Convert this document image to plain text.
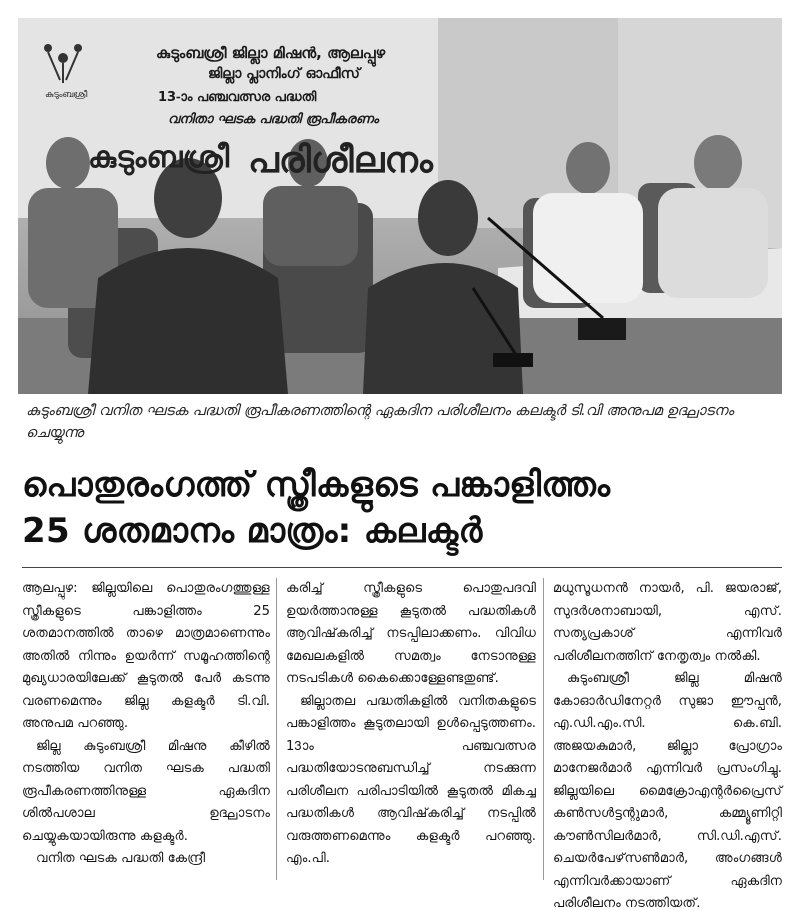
കുടുംബശ്രീ
കുടുംബശ്രീ ജില്ലാ മിഷൻ, ആലപ്പുഴ
ജില്ലാ പ്ലാനിംഗ് ഓഫീസ്
13-ാം പഞ്ചവത്സര പദ്ധതി
വനിതാ ഘടക പദ്ധതി രൂപീകരണം
കുടുംബശ്രീ പരിശീലനം
കുടുംബശ്രീ വനിത ഘടക പദ്ധതി രൂപീകരണത്തിന്റെ ഏകദിന പരിശീലനം കലക്ടർ ടി.വി അനുപമ ഉദ്ഘാടനം ചെയ്യുന്നു
പൊതുരംഗത്ത് സ്ത്രീകളുടെ പങ്കാളിത്തം
25 ശതമാനം മാത്രം: കലക്ടർ

ആലപ്പുഴ: ജില്ലയിലെ പൊതുരംഗത്തുള്ള സ്ത്രീകളുടെ പങ്കാളിത്തം 25 ശതമാനത്തിൽ താഴെ മാത്രമാണെന്നും അതിൽ നിന്നും ഉയർന്ന് സമൂഹത്തിന്റെ മുഖ്യധാരയിലേക്ക് കൂടുതൽ പേർ കടന്നു വരണമെന്നും ജില്ല കളക്ടർ ടി.വി. അനുപമ പറഞ്ഞു.

ജില്ല കുടുംബശ്രീ മിഷനു കീഴിൽ നടത്തിയ വനിത ഘടക പദ്ധതി രൂപീകരണത്തിനുള്ള ഏകദിന ശിൽപശാല ഉദ്ഘാടനം ചെയ്യുകയായിരുന്നു കളക്ടർ.

വനിത ഘടക പദ്ധതി കേന്ദ്രീ

കരിച്ച് സ്ത്രീകളുടെ പൊതുപദവി ഉയർത്താനുള്ള കൂടുതൽ പദ്ധതികൾ ആവിഷ്‌കരിച്ച് നടപ്പിലാക്കണം. വിവിധ മേഖലകളിൽ സമത്വം നേടാനുള്ള നടപടികൾ കൈക്കൊള്ളേണ്ടതുണ്ട്.

ജില്ലാതല പദ്ധതികളിൽ വനിതകളുടെ പങ്കാളിത്തം കൂടുതലായി ഉൾപ്പെടുത്തണം. 13ാം പഞ്ചവത്സര പദ്ധതിയോടനുബന്ധിച്ച് നടക്കുന്ന പരിശീലന പരിപാടിയിൽ കൂടുതൽ മികച്ച പദ്ധതികൾ ആവിഷ്‌കരിച്ച് നടപ്പിൽ വരുത്തണമെന്നും കളക്ടർ പറഞ്ഞു. എം.പി.

മധുസൂധനൻ നായർ, പി. ജയരാജ്, സുദർശനാബായി, എസ്. സത്യപ്രകാശ് എന്നിവർ പരിശീലനത്തിന് നേതൃത്വം നൽകി.

കുടുംബശ്രീ ജില്ല മിഷൻ കോഓർഡിനേറ്റർ സുജാ ഈപ്പൻ, എ.ഡി.എം.സി. കെ.ബി. അജയകുമാർ, ജില്ലാ പ്രോഗ്രാം മാനേജർമാർ എന്നിവർ പ്രസംഗിച്ചു. ജില്ലയിലെ മൈക്രോഎന്റർപ്രൈസ് കൺസൾട്ടന്റുമാർ, കമ്മ്യൂണിറ്റി കൗൺസിലർമാർ, സി.ഡി.എസ്. ചെയർപേഴ്‌സൺമാർ, അംഗങ്ങൾ എന്നിവർക്കായാണ് ഏകദിന പരിശീലനം നടത്തിയത്.
